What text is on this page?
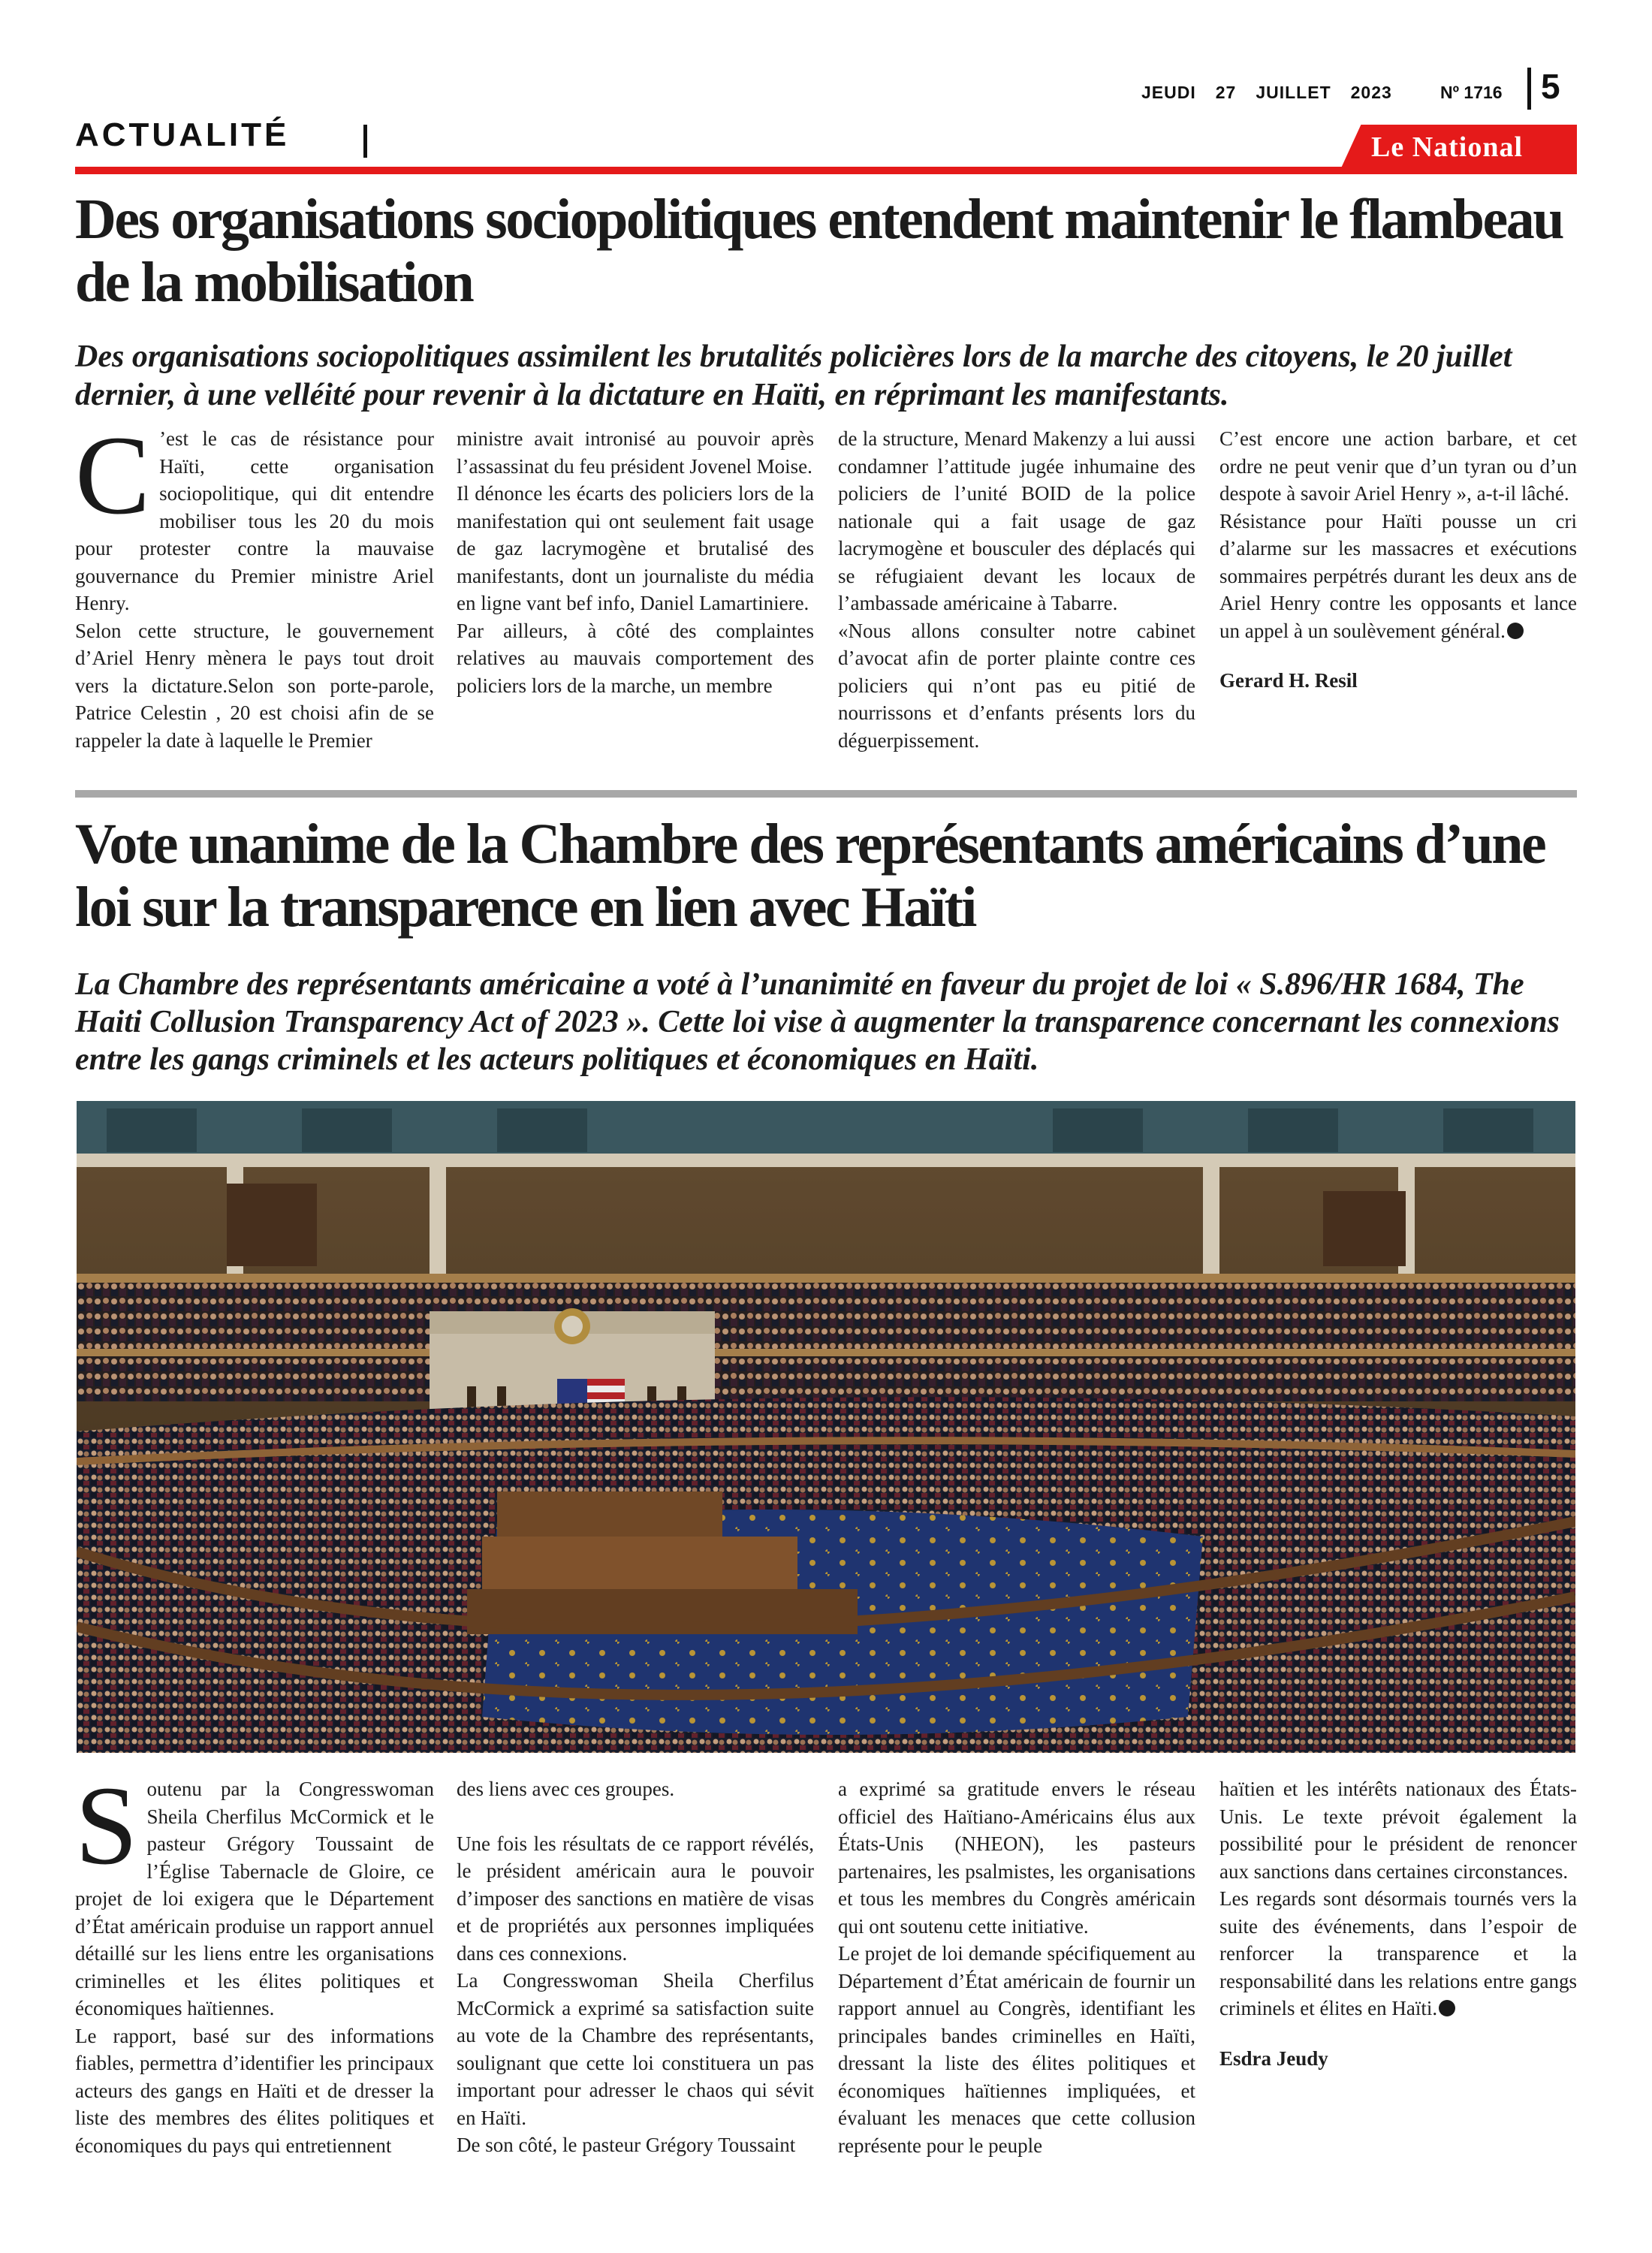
JEUDI 27 JUILLET 2023	Nº 1716 5
ACTUALITÉ	Le National
Des organisations sociopolitiques entendent maintenir le flambeau de la mobilisation

Des organisations sociopolitiques assimilent les brutalités policières lors de la marche des citoyens, le 20 juillet dernier, à une velléité pour revenir à la dictature en Haïti, en réprimant les manifestants.

C ’est le cas de résistance pour Haïti, cette organisation sociopolitique, qui dit entendre mobiliser tous les 20 du mois pour protester contre la mauvaise gouvernance du Premier ministre Ariel Henry.

Selon cette structure, le gouvernement d’Ariel Henry mènera le pays tout droit vers la dictature.Selon son porte-parole, Patrice Celestin , 20 est choisi afin de se rappeler la date à laquelle le Premier

ministre avait intronisé au pouvoir après l’assassinat du feu président Jovenel Moise.

Il dénonce les écarts des policiers lors de la manifestation qui ont seulement fait usage de gaz lacrymogène et brutalisé des manifestants, dont un journaliste du média en ligne vant bef info, Daniel Lamartiniere.

Par ailleurs, à côté des complaintes relatives au mauvais comportement des policiers lors de la marche, un membre

de la structure, Menard Makenzy a lui aussi condamner l’attitude jugée inhumaine des policiers de l’unité BOID de la police nationale qui a fait usage de gaz lacrymogène et bousculer des déplacés qui se réfugiaient devant les locaux de l’ambassade américaine à Tabarre.

«Nous allons consulter notre cabinet d’avocat afin de porter plainte contre ces policiers qui n’ont pas eu pitié de nourrissons et d’enfants présents lors du déguerpissement.

C’est encore une action barbare, et cet ordre ne peut venir que d’un tyran ou d’un despote à savoir Ariel Henry », a-t-il lâché.

Résistance pour Haïti pousse un cri d’alarme sur les massacres et exécutions sommaires perpétrés durant les deux ans de Ariel Henry contre les opposants et lance un appel à un soulèvement général.

Gerard H. Resil

Vote unanime de la Chambre des représentants américains d’une loi sur la transparence en lien avec Haïti

La Chambre des représentants américaine a voté à l’unanimité en faveur du projet de loi « S.896/HR 1684, The Haiti Collusion Transparency Act of 2023 ». Cette loi vise à augmenter la transparence concernant les connexions entre les gangs criminels et les acteurs politiques et économiques en Haïti.

Soutenu par la Congresswoman Sheila Cherfilus McCormick et le pasteur Grégory Toussaint de l’Église Tabernacle de Gloire, ce projet de loi exigera que le Département d’État américain produise un rapport annuel détaillé sur les liens entre les organisations criminelles et les élites politiques et économiques haïtiennes.

Le rapport, basé sur des informations fiables, permettra d’identifier les principaux acteurs des gangs en Haïti et de dresser la liste des membres des élites politiques et économiques du pays qui entretiennent

des liens avec ces groupes.

Une fois les résultats de ce rapport révélés, le président américain aura le pouvoir d’imposer des sanctions en matière de visas et de propriétés aux personnes impliquées dans ces connexions.

La Congresswoman Sheila Cherfilus McCormick a exprimé sa satisfaction suite au vote de la Chambre des représentants, soulignant que cette loi constituera un pas important pour adresser le chaos qui sévit en Haïti.

De son côté, le pasteur Grégory Toussaint

a exprimé sa gratitude envers le réseau officiel des Haïtiano-Américains élus aux États-Unis (NHEON), les pasteurs partenaires, les psalmistes, les organisations et tous les membres du Congrès américain qui ont soutenu cette initiative.

Le projet de loi demande spécifiquement au Département d’État américain de fournir un rapport annuel au Congrès, identifiant les principales bandes criminelles en Haïti, dressant la liste des élites politiques et économiques haïtiennes impliquées, et évaluant les menaces que cette collusion représente pour le peuple

haïtien et les intérêts nationaux des États-Unis. Le texte prévoit également la possibilité pour le président de renoncer aux sanctions dans certaines circonstances.

Les regards sont désormais tournés vers la suite des événements, dans l’espoir de renforcer la transparence et la responsabilité dans les relations entre gangs criminels et élites en Haïti.

Esdra Jeudy
